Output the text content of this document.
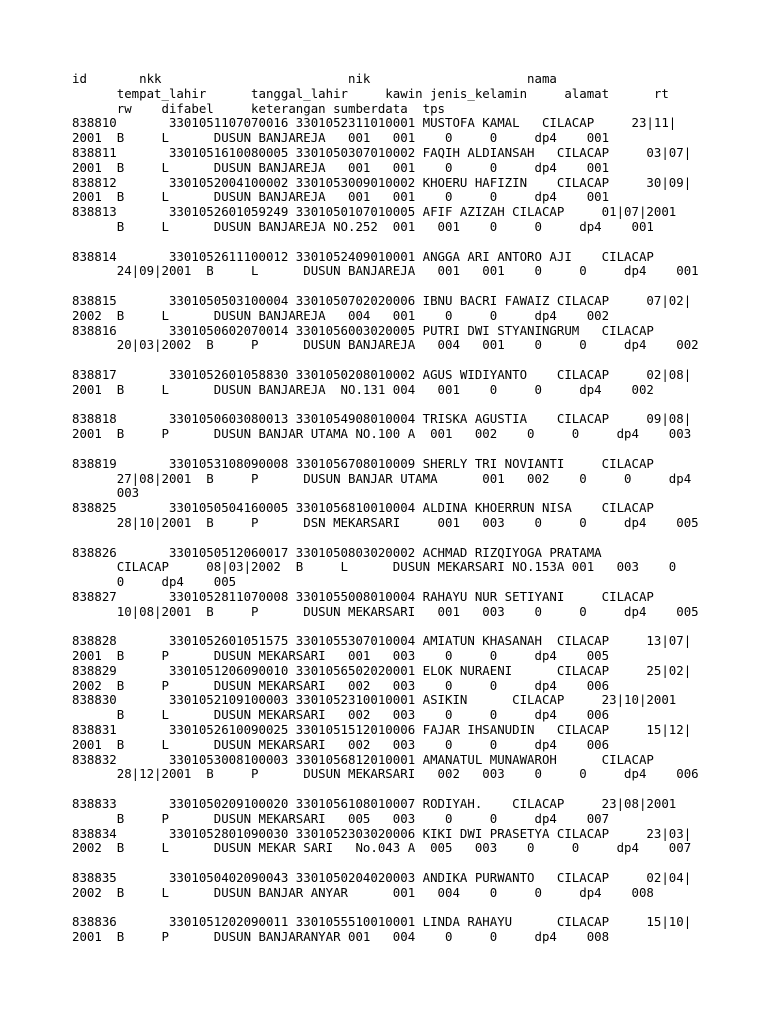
id       nkk                         nik                     nama
tempat_lahir      tanggal_lahir     kawin jenis_kelamin     alamat      rt
rw    difabel     keterangan sumberdata  tps
838810       3301051107070016 3301052311010001 MUSTOFA KAMAL   CILACAP     23|11|
2001  B     L      DUSUN BANJAREJA   001   001    0     0     dp4    001
838811       3301051610080005 3301050307010002 FAQIH ALDIANSAH   CILACAP     03|07|
2001  B     L      DUSUN BANJAREJA   001   001    0     0     dp4    001
838812       3301052004100002 3301053009010002 KHOERU HAFIZIN    CILACAP     30|09|
2001  B     L      DUSUN BANJAREJA   001   001    0     0     dp4    001
838813       3301052601059249 3301050107010005 AFIF AZIZAH CILACAP     01|07|2001
B     L      DUSUN BANJAREJA NO.252  001   001    0     0     dp4    001
838814       3301052611100012 3301052409010001 ANGGA ARI ANTORO AJI    CILACAP
24|09|2001  B     L      DUSUN BANJAREJA   001   001    0     0     dp4    001
838815       3301050503100004 3301050702020006 IBNU BACRI FAWAIZ CILACAP     07|02|
2002  B     L      DUSUN BANJAREJA   004   001    0     0     dp4    002
838816       3301050602070014 3301056003020005 PUTRI DWI STYANINGRUM   CILACAP
20|03|2002  B     P      DUSUN BANJAREJA   004   001    0     0     dp4    002
838817       3301052601058830 3301050208010002 AGUS WIDIYANTO    CILACAP     02|08|
2001  B     L      DUSUN BANJAREJA  NO.131 004   001    0     0     dp4    002
838818       3301050603080013 3301054908010004 TRISKA AGUSTIA    CILACAP     09|08|
2001  B     P      DUSUN BANJAR UTAMA NO.100 A  001   002    0     0     dp4    003
838819       3301053108090008 3301056708010009 SHERLY TRI NOVIANTI     CILACAP
27|08|2001  B     P      DUSUN BANJAR UTAMA      001   002    0     0     dp4
003
838825       3301050504160005 3301056810010004 ALDINA KHOERRUN NISA    CILACAP
28|10|2001  B     P      DSN MEKARSARI     001   003    0     0     dp4    005
838826       3301050512060017 3301050803020002 ACHMAD RIZQIYOGA PRATAMA
CILACAP     08|03|2002  B     L      DUSUN MEKARSARI NO.153A 001   003    0
0     dp4    005
838827       3301052811070008 3301055008010004 RAHAYU NUR SETIYANI     CILACAP
10|08|2001  B     P      DUSUN MEKARSARI   001   003    0     0     dp4    005
838828       3301052601051575 3301055307010004 AMIATUN KHASANAH  CILACAP     13|07|
2001  B     P      DUSUN MEKARSARI   001   003    0     0     dp4    005
838829       3301051206090010 3301056502020001 ELOK NURAENI      CILACAP     25|02|
2002  B     P      DUSUN MEKARSARI   002   003    0     0     dp4    006
838830       3301052109100003 3301052310010001 ASIKIN      CILACAP     23|10|2001
B     L      DUSUN MEKARSARI   002   003    0     0     dp4    006
838831       3301052610090025 3301051512010006 FAJAR IHSANUDIN   CILACAP     15|12|
2001  B     L      DUSUN MEKARSARI   002   003    0     0     dp4    006
838832       3301053008100003 3301056812010001 AMANATUL MUNAWAROH      CILACAP
28|12|2001  B     P      DUSUN MEKARSARI   002   003    0     0     dp4    006
838833       3301050209100020 3301056108010007 RODIYAH.    CILACAP     23|08|2001
B     P      DUSUN MEKARSARI   005   003    0     0     dp4    007
838834       3301052801090030 3301052303020006 KIKI DWI PRASETYA CILACAP     23|03|
2002  B     L      DUSUN MEKAR SARI   No.043 A  005   003    0     0     dp4    007
838835       3301050402090043 3301050204020003 ANDIKA PURWANTO   CILACAP     02|04|
2002  B     L      DUSUN BANJAR ANYAR      001   004    0     0     dp4    008
838836       3301051202090011 3301055510010001 LINDA RAHAYU      CILACAP     15|10|
2001  B     P      DUSUN BANJARANYAR 001   004    0     0     dp4    008
